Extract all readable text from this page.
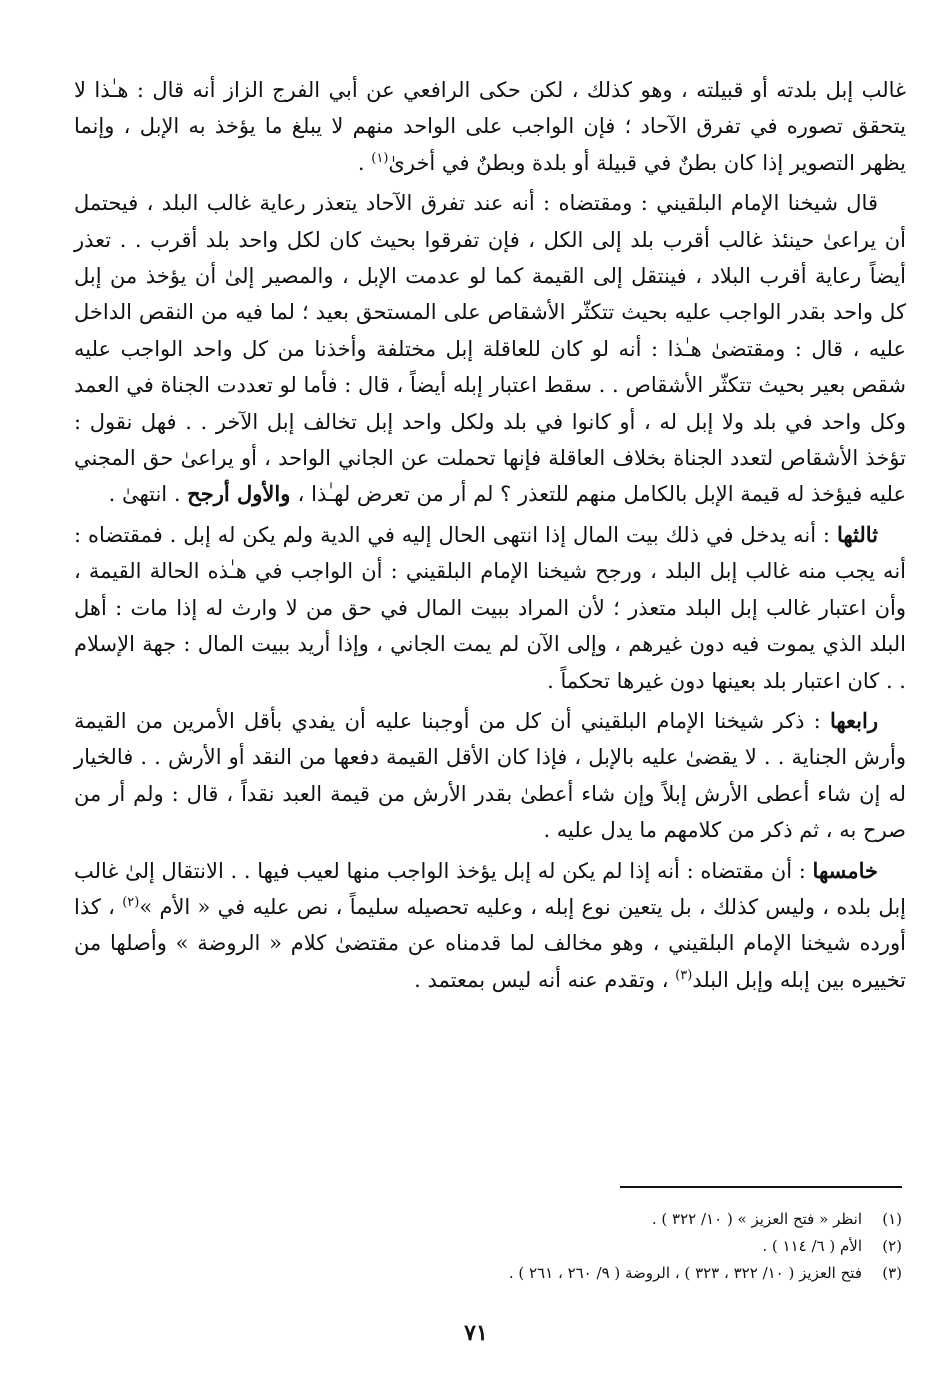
غالب إبل بلدته أو قبيلته ، وهو كذلك ، لكن حكى الرافعي عن أبي الفرج الزاز أنه قال : هـٰذا لا يتحقق تصوره في تفرق الآحاد ؛ فإن الواجب على الواحد منهم لا يبلغ ما يؤخذ به الإبل ، وإنما يظهر التصوير إذا كان بطنٌ في قبيلة أو بلدة وبطنٌ في أخرىٰ$^{(١)}$ .

قال شيخنا الإمام البلقيني : ومقتضاه : أنه عند تفرق الآحاد يتعذر رعاية غالب البلد ، فيحتمل أن يراعىٰ حينئذ غالب أقرب بلد إلى الكل ، فإن تفرقوا بحيث كان لكل واحد بلد أقرب . . تعذر أيضاً رعاية أقرب البلاد ، فينتقل إلى القيمة كما لو عدمت الإبل ، والمصير إلىٰ أن يؤخذ من إبل كل واحد بقدر الواجب عليه بحيث تتكثّر الأشقاص على المستحق بعيد ؛ لما فيه من النقص الداخل عليه ، قال : ومقتضىٰ هـٰذا : أنه لو كان للعاقلة إبل مختلفة وأخذنا من كل واحد الواجب عليه شقص بعير بحيث تتكثّر الأشقاص . . سقط اعتبار إبله أيضاً ، قال : فأما لو تعددت الجناة في العمد وكل واحد في بلد ولا إبل له ، أو كانوا في بلد ولكل واحد إبل تخالف إبل الآخر . . فهل نقول : تؤخذ الأشقاص لتعدد الجناة بخلاف العاقلة فإنها تحملت عن الجاني الواحد ، أو يراعىٰ حق المجني عليه فيؤخذ له قيمة الإبل بالكامل منهم للتعذر ؟ لم أر من تعرض لهـٰذا ، والأول أرجح . انتهىٰ .

ثالثها : أنه يدخل في ذلك بيت المال إذا انتهى الحال إليه في الدية ولم يكن له إبل . فمقتضاه : أنه يجب منه غالب إبل البلد ، ورجح شيخنا الإمام البلقيني : أن الواجب في هـٰذه الحالة القيمة ، وأن اعتبار غالب إبل البلد متعذر ؛ لأن المراد ببيت المال في حق من لا وارث له إذا مات : أهل البلد الذي يموت فيه دون غيرهم ، وإلى الآن لم يمت الجاني ، وإذا أريد ببيت المال : جهة الإسلام . . كان اعتبار بلد بعينها دون غيرها تحكماً .

رابعها : ذكر شيخنا الإمام البلقيني أن كل من أوجبنا عليه أن يفدي بأقل الأمرين من القيمة وأرش الجناية . . لا يقضىٰ عليه بالإبل ، فإذا كان الأقل القيمة دفعها من النقد أو الأرش . . فالخيار له إن شاء أعطى الأرش إبلاً وإن شاء أعطىٰ بقدر الأرش من قيمة العبد نقداً ، قال : ولم أر من صرح به ، ثم ذكر من كلامهم ما يدل عليه .

خامسها : أن مقتضاه : أنه إذا لم يكن له إبل يؤخذ الواجب منها لعيب فيها . . الانتقال إلىٰ غالب إبل بلده ، وليس كذلك ، بل يتعين نوع إبله ، وعليه تحصيله سليماً ، نص عليه في « الأم »$^{(٢)}$ ، كذا أورده شيخنا الإمام البلقيني ، وهو مخالف لما قدمناه عن مقتضىٰ كلام « الروضة » وأصلها من تخييره بين إبله وإبل البلد$^{(٣)}$ ، وتقدم عنه أنه ليس بمعتمد .

(١)
انظر « فتح العزيز » ( ١٠/ ٣٢٢ ) .
(٢)
الأم ( ٦/ ١١٤ ) .
(٣)
فتح العزيز ( ١٠/ ٣٢٢ ، ٣٢٣ ) ، الروضة ( ٩/ ٢٦٠ ، ٢٦١ ) .
٧١
